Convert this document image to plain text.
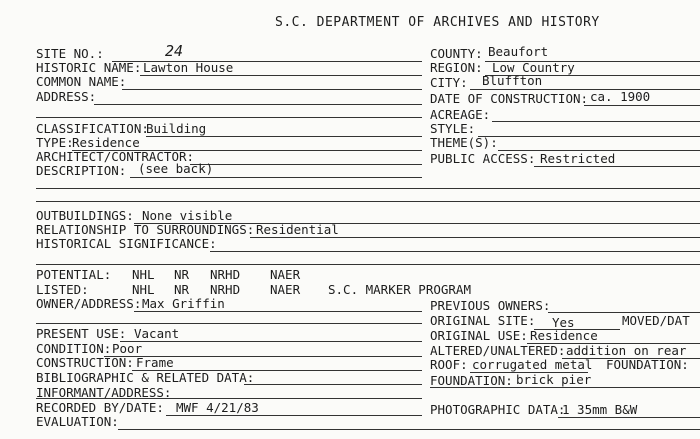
S.C. DEPARTMENT OF ARCHIVES AND HISTORY
SITE NO.:	24
HISTORIC NAME: Lawton House
COMMON NAME:
ADDRESS:
CLASSIFICATION:
Building
TYPE:
Residence
ARCHITECT/CONTRACTOR:
DESCRIPTION: (see back)
COUNTY: Beaufort
REGION: Low Country
CITY: Bluffton
DATE OF CONSTRUCTION: ca. 1900
ACREAGE:
STYLE:
THEME(S):
PUBLIC ACCESS: Restricted
OUTBUILDINGS: None visible
RELATIONSHIP TO SURROUNDINGS: Residential
HISTORICAL SIGNIFICANCE:
POTENTIAL: NHL NR NRHD NAER
LISTED:	NHL NR NRHD NAER S.C. MARKER PROGRAM
OWNER/ADDRESS: Max Griffin
PRESENT USE: Vacant
CONDITION: Poor
CONSTRUCTION: Frame
BIBLIOGRAPHIC & RELATED DATA:
INFORMANT/ADDRESS:
RECORDED BY/DATE: MWF 4/21/83
EVALUATION:
PREVIOUS OWNERS:
ORIGINAL SITE: Yes	MOVED/DAT
ORIGINAL USE: Residence
ALTERED/UNALTERED: addition on rear
ROOF: corrugated metal FOUNDATION:
FOUNDATION: brick pier
PHOTOGRAPHIC DATA:
1 35mm B&W
